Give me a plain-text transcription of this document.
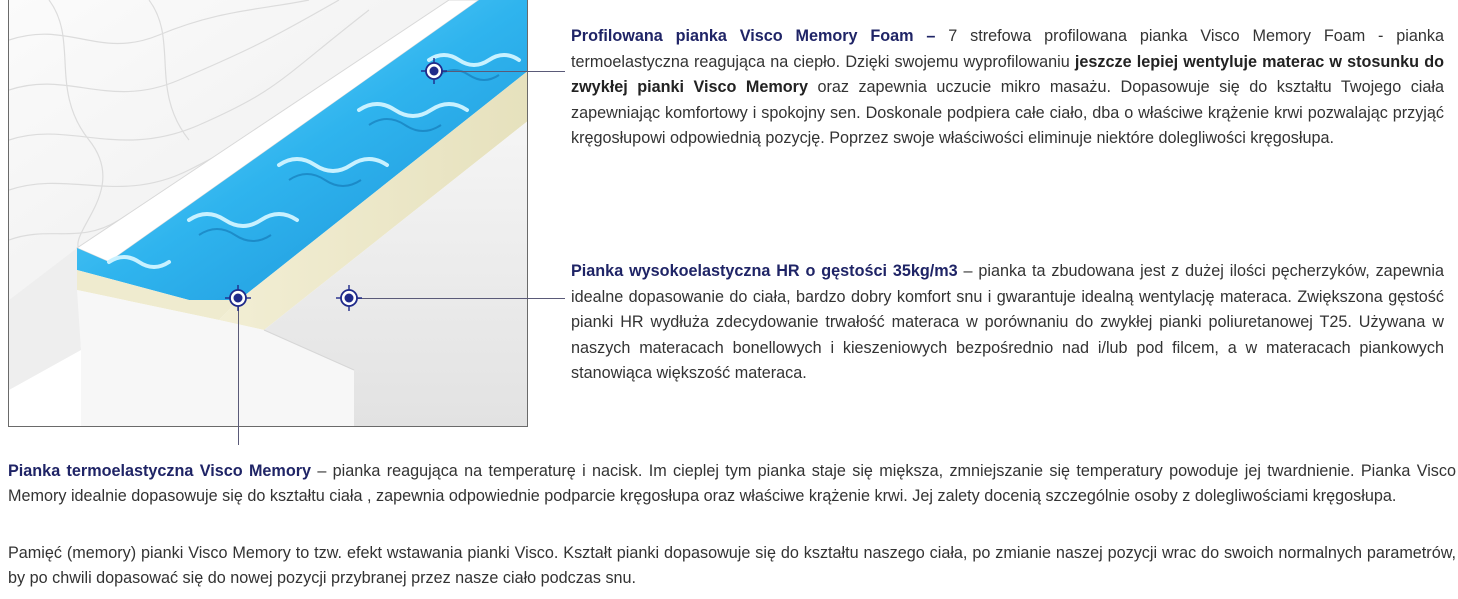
Profilowana pianka Visco Memory Foam – 7 strefowa profilowana pianka Visco Memory Foam - pianka termoelastyczna reagująca na ciepło. Dzięki swojemu wyprofilowaniu jeszcze lepiej wentyluje materac w stosunku do zwykłej pianki Visco Memory oraz zapewnia uczucie mikro masażu. Dopasowuje się do kształtu Twojego ciała zapewniając komfortowy i spokojny sen. Doskonale podpiera całe ciało, dba o właściwe krążenie krwi pozwalając przyjąć kręgosłupowi odpowiednią pozycję. Poprzez swoje właściwości eliminuje niektóre dolegliwości kręgosłupa.

Pianka wysokoelastyczna HR o gęstości 35kg/m3 – pianka ta zbudowana jest z dużej ilości pęcherzyków, zapewnia idealne dopasowanie do ciała, bardzo dobry komfort snu i gwarantuje idealną wentylację materaca. Zwiększona gęstość pianki HR wydłuża zdecydowanie trwałość materaca w porównaniu do zwykłej pianki poliuretanowej T25. Używana w naszych materacach bonellowych i kieszeniowych bezpośrednio nad i/lub pod filcem, a w materacach piankowych stanowiąca większość materaca.

Pianka termoelastyczna Visco Memory – pianka reagująca na temperaturę i nacisk. Im cieplej tym pianka staje się miększa, zmniejszanie się temperatury powoduje jej twardnienie. Pianka Visco Memory idealnie dopasowuje się do kształtu ciała , zapewnia odpowiednie podparcie kręgosłupa oraz właściwe krążenie krwi. Jej zalety docenią szczególnie osoby z dolegliwościami kręgosłupa.

Pamięć (memory) pianki Visco Memory to tzw. efekt wstawania pianki Visco. Kształt pianki dopasowuje się do kształtu naszego ciała, po zmianie naszej pozycji wrac do swoich normalnych parametrów, by po chwili dopasować się do nowej pozycji przybranej przez nasze ciało podczas snu.
